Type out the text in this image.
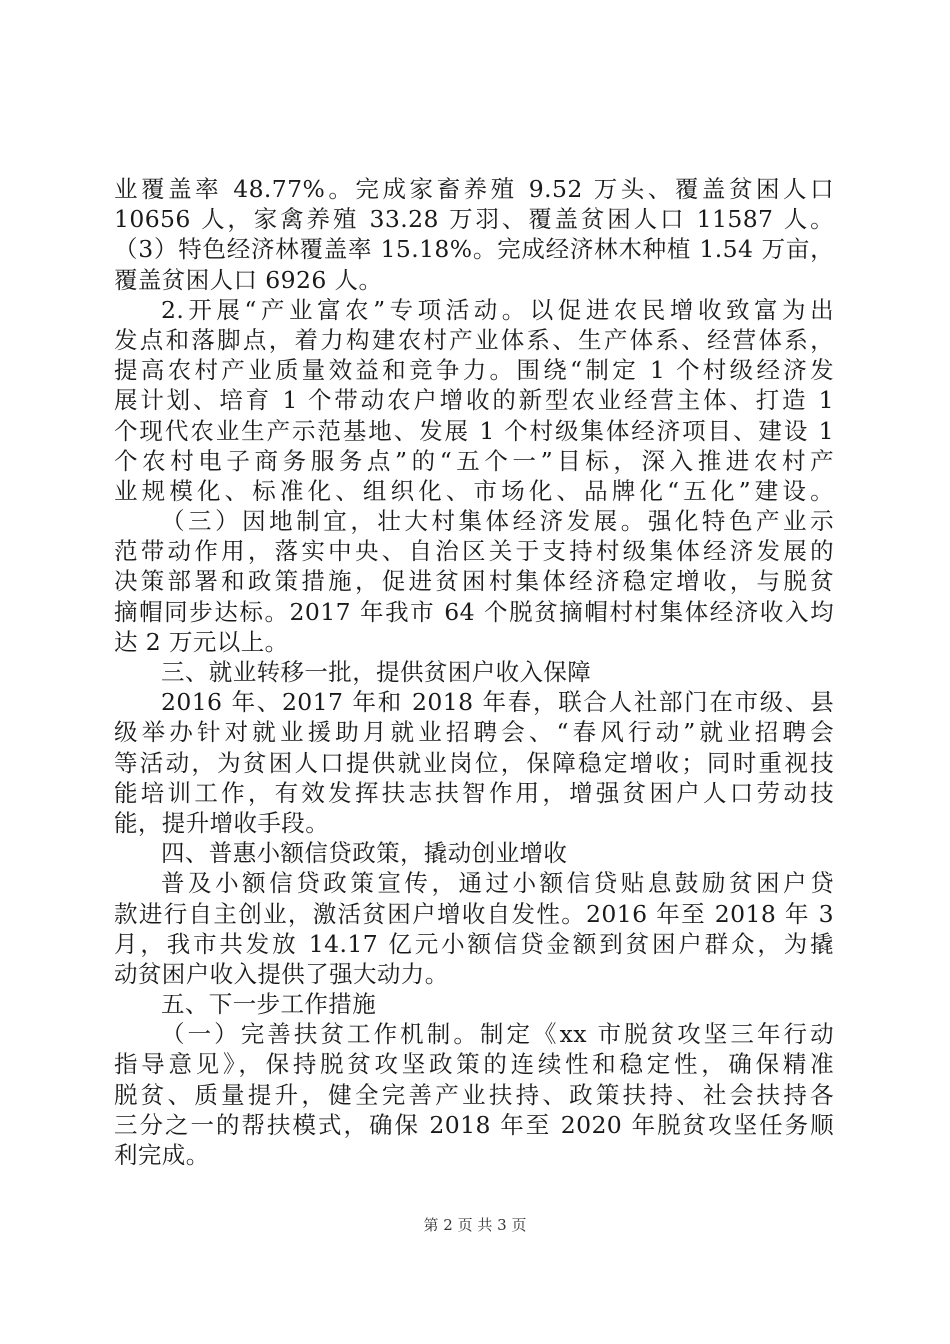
业覆盖率 48.77%。完成家畜养殖 9.52 万头、覆盖贫困人口
10656 人，家禽养殖 33.28 万羽、覆盖贫困人口 11587 人。
（3）特色经济林覆盖率 15.18%。完成经济林木种植 1.54 万亩，
覆盖贫困人口 6926 人。
2.开展“产业富农”专项活动。以促进农民增收致富为出
发点和落脚点，着力构建农村产业体系、生产体系、经营体系，
提高农村产业质量效益和竞争力。围绕“制定 1 个村级经济发
展计划、培育 1 个带动农户增收的新型农业经营主体、打造 1
个现代农业生产示范基地、发展 1 个村级集体经济项目、建设 1
个农村电子商务服务点”的“五个一”目标，深入推进农村产
业规模化、标准化、组织化、市场化、品牌化“五化”建设。
（三）因地制宜，壮大村集体经济发展。强化特色产业示
范带动作用，落实中央、自治区关于支持村级集体经济发展的
决策部署和政策措施，促进贫困村集体经济稳定增收，与脱贫
摘帽同步达标。2017 年我市 64 个脱贫摘帽村村集体经济收入均
达 2 万元以上。
三、就业转移一批，提供贫困户收入保障
2016 年、2017 年和 2018 年春，联合人社部门在市级、县
级举办针对就业援助月就业招聘会、“春风行动”就业招聘会
等活动，为贫困人口提供就业岗位，保障稳定增收；同时重视技
能培训工作，有效发挥扶志扶智作用，增强贫困户人口劳动技
能，提升增收手段。
四、普惠小额信贷政策，撬动创业增收
普及小额信贷政策宣传，通过小额信贷贴息鼓励贫困户贷
款进行自主创业，激活贫困户增收自发性。2016 年至 2018 年 3
月，我市共发放 14.17 亿元小额信贷金额到贫困户群众，为撬
动贫困户收入提供了强大动力。
五、下一步工作措施
（一）完善扶贫工作机制。制定《xx 市脱贫攻坚三年行动
指导意见》，保持脱贫攻坚政策的连续性和稳定性，确保精准
脱贫、质量提升，健全完善产业扶持、政策扶持、社会扶持各
三分之一的帮扶模式，确保 2018 年至 2020 年脱贫攻坚任务顺
利完成。
第 2 页 共 3 页
